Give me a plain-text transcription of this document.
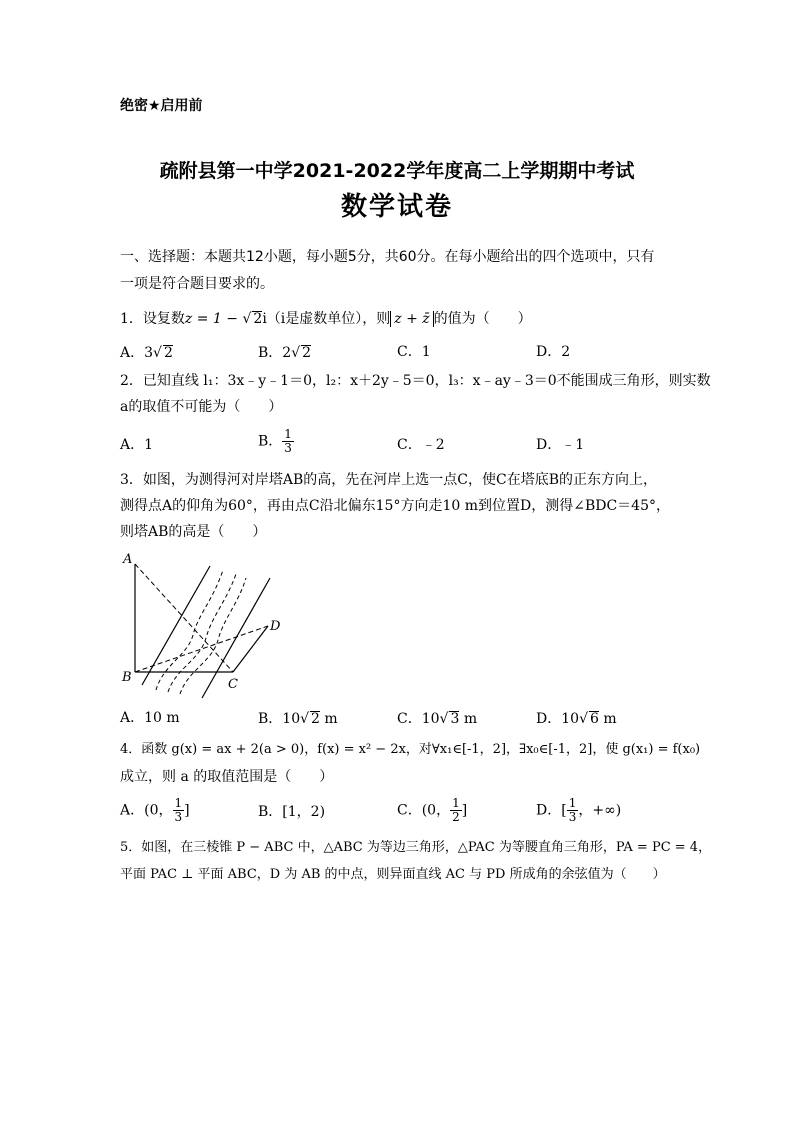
绝密★启用前
疏附县第一中学2021-2022学年度高二上学期期中考试
数学试卷
一、选择题：本题共12小题，每小题5分，共60分。在每小题给出的四个选项中，只有
一项是符合题目要求的。
1．设复数z = 1 − √ 2i（i是虚数单位），则 z + z̄ 的值为（　　）
A．3 √ 2	B．2 √ 2	C．1	D．2
2．已知直线 l₁：3x﹣y﹣1＝0，l₂：x＋2y﹣5＝0，l₃：x﹣ay﹣3＝0不能围成三角形，则实数
a的取值不可能为（　　）
A．1	B． $\frac{1}{3}$	C．﹣2	D．﹣1
3．如图，为测得河对岸塔AB的高，先在河岸上选一点C，使C在塔底B的正东方向上，
测得点A的仰角为60°，再由点C沿北偏东15°方向走10 m到位置D，测得∠BDC＝45°，
则塔AB的高是（　　）
A
B	C
D
A．10 m	B．10 √ 2 m	C．10 √ 3 m	D．10 √ 6 m
4．函数 g(x) = ax + 2(a > 0)，f(x) = x² − 2x，对∀x₁∈[-1，2]，∃x₀∈[-1，2]，使 g(x₁) = f(x₀)
成立，则 a 的取值范围是（　　）
A．(0， $\frac{1}{3}$ ]	B．[1，2)	C．(0， $\frac{1}{2}$ ]	D．[ $\frac{1}{3}$ ，+∞)
5．如图，在三棱锥 P − ABC 中，△ABC 为等边三角形，△PAC 为等腰直角三角形，PA = PC = 4，
平面 PAC ⊥ 平面 ABC，D 为 AB 的中点，则异面直线 AC 与 PD 所成角的余弦值为（　　）
